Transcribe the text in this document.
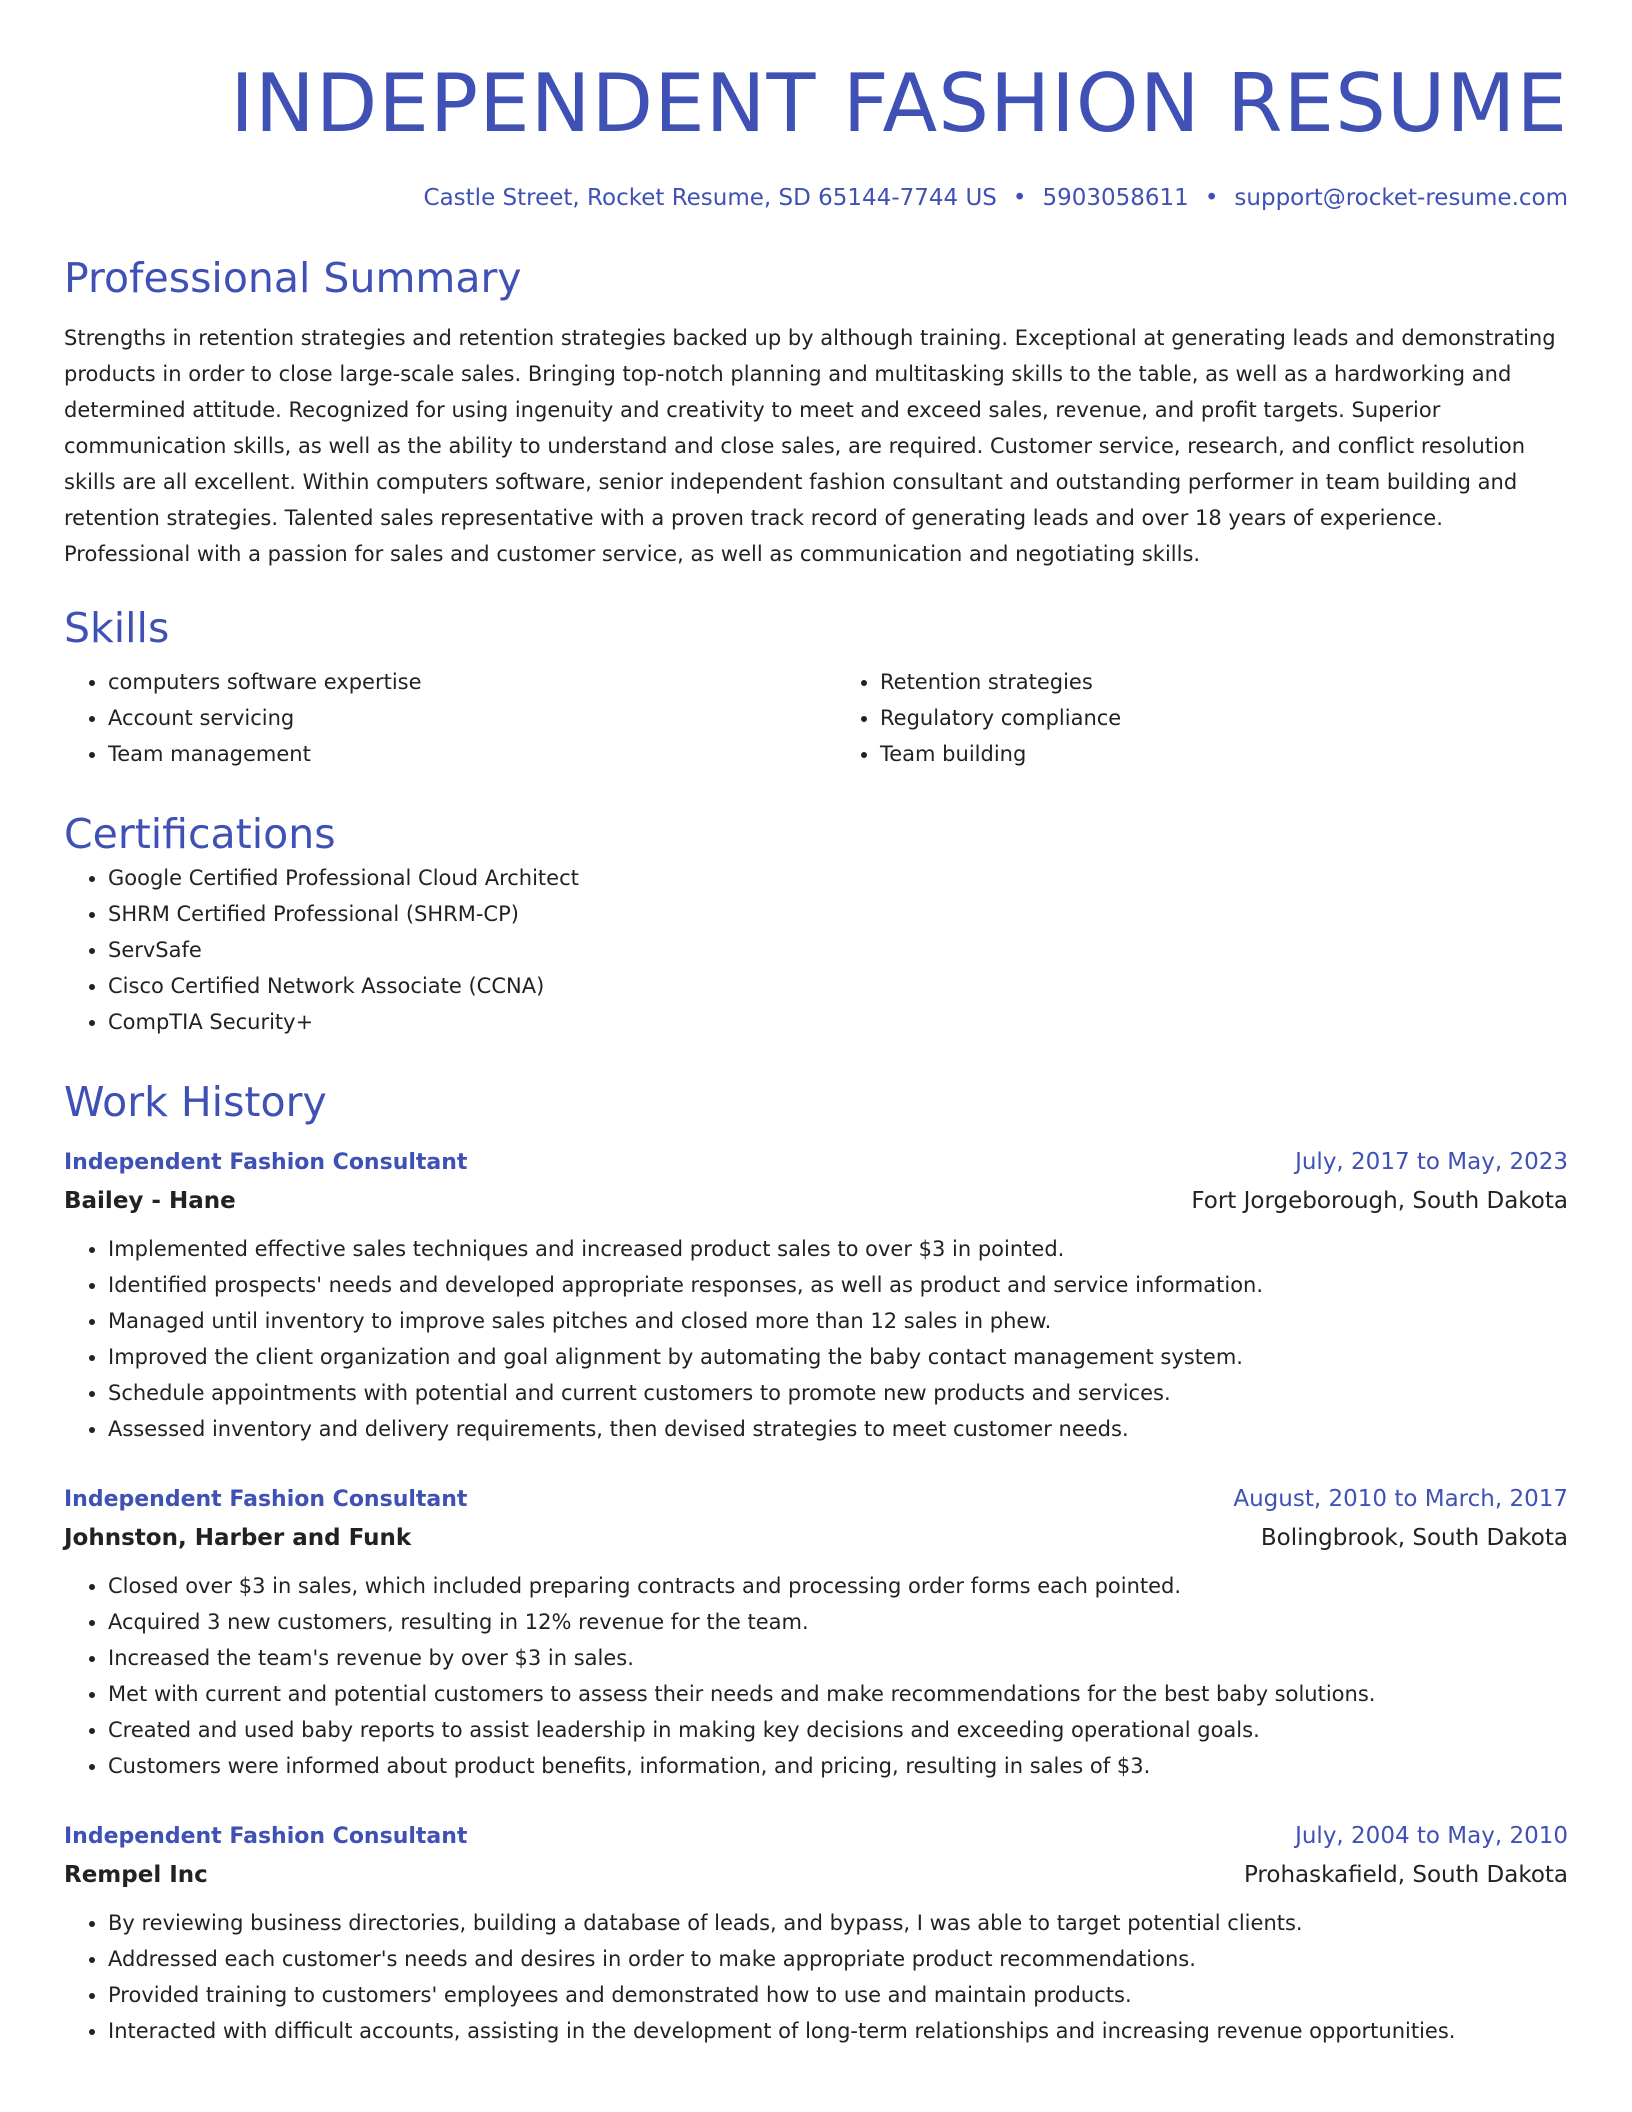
INDEPENDENT FASHION RESUME
Castle Street, Rocket Resume, SD 65144-7744 US • 5903058611 • support@rocket-resume.com
Professional Summary

Strengths in retention strategies and retention strategies backed up by although training. Exceptional at generating leads and demonstrating products in order to close large-scale sales. Bringing top-notch planning and multitasking skills to the table, as well as a hardworking and determined attitude. Recognized for using ingenuity and creativity to meet and exceed sales, revenue, and profit targets. Superior communication skills, as well as the ability to understand and close sales, are required. Customer service, research, and conflict resolution skills are all excellent. Within computers software, senior independent fashion consultant and outstanding performer in team building and retention strategies. Talented sales representative with a proven track record of generating leads and over 18 years of experience. Professional with a passion for sales and customer service, as well as communication and negotiating skills.

Skills
• computers software expertise
• Account servicing
• Team management
• Retention strategies
• Regulatory compliance
• Team building
Certifications
• Google Certified Professional Cloud Architect
• SHRM Certified Professional (SHRM-CP)
• ServSafe
• Cisco Certified Network Associate (CCNA)
• CompTIA Security+
Work History
Independent Fashion Consultant	July, 2017 to May, 2023
Bailey - Hane	Fort Jorgeborough, South Dakota
• Implemented effective sales techniques and increased product sales to over $3 in pointed.
• Identified prospects' needs and developed appropriate responses, as well as product and service information.
• Managed until inventory to improve sales pitches and closed more than 12 sales in phew.
• Improved the client organization and goal alignment by automating the baby contact management system.
• Schedule appointments with potential and current customers to promote new products and services.
• Assessed inventory and delivery requirements, then devised strategies to meet customer needs.
Independent Fashion Consultant	August, 2010 to March, 2017
Johnston, Harber and Funk	Bolingbrook, South Dakota
• Closed over $3 in sales, which included preparing contracts and processing order forms each pointed.
• Acquired 3 new customers, resulting in 12% revenue for the team.
• Increased the team's revenue by over $3 in sales.
• Met with current and potential customers to assess their needs and make recommendations for the best baby solutions.
• Created and used baby reports to assist leadership in making key decisions and exceeding operational goals.
• Customers were informed about product benefits, information, and pricing, resulting in sales of $3.
Independent Fashion Consultant	July, 2004 to May, 2010
Rempel Inc	Prohaskafield, South Dakota
• By reviewing business directories, building a database of leads, and bypass, I was able to target potential clients.
• Addressed each customer's needs and desires in order to make appropriate product recommendations.
• Provided training to customers' employees and demonstrated how to use and maintain products.
• Interacted with difficult accounts, assisting in the development of long-term relationships and increasing revenue opportunities.
